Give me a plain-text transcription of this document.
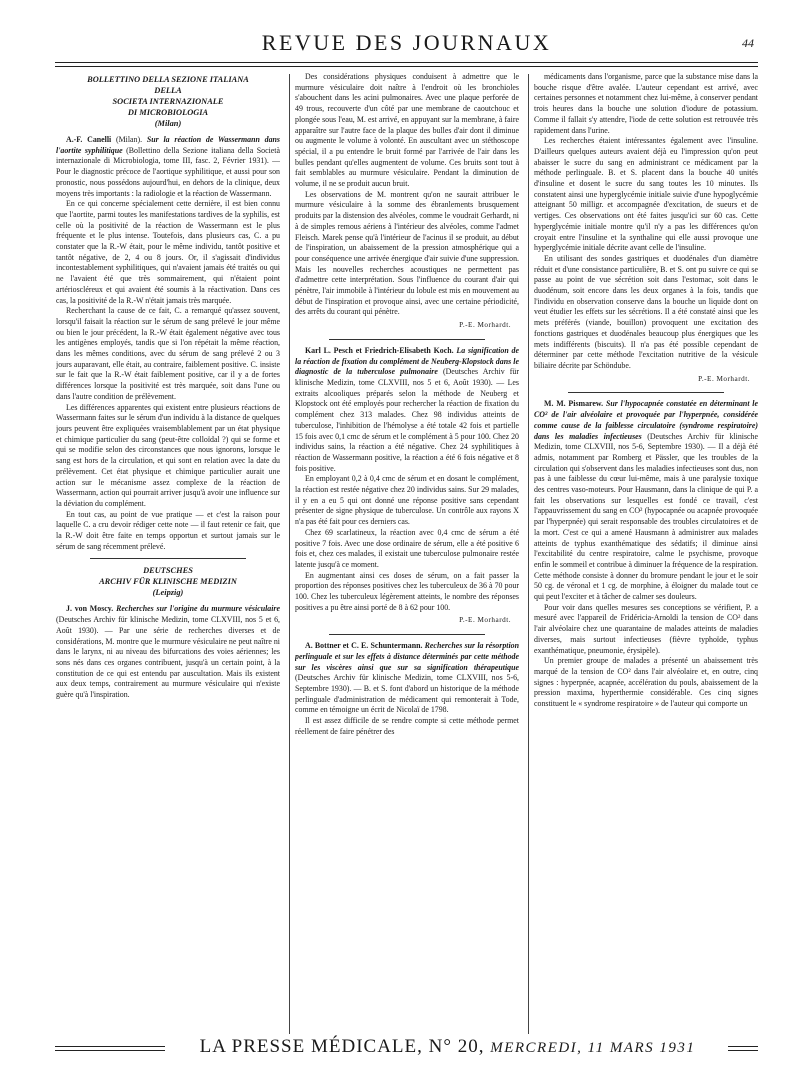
REVUE DES JOURNAUX	44
BOLLETTINO DELLA SEZIONE ITALIANA
DELLA
SOCIETA INTERNAZIONALE
DI MICROBIOLOGIA
(Milan)

A.-F. Canelli (Milan). Sur la réaction de Wassermann dans l'aortite syphilitique (Bollettino della Sezione italiana della Società internazionale di Microbiologia, tome III, fasc. 2, Février 1931). — Pour le diagnostic précoce de l'aortique syphilitique, et aussi pour son pronostic, nous possédons aujourd'hui, en dehors de la clinique, deux moyens très importants : la radiologie et la réaction de Wassermann.

En ce qui concerne spécialement cette dernière, il est bien connu que l'aortite, parmi toutes les manifestations tardives de la syphilis, est celle où la positivité de la réaction de Wassermann est le plus fréquente et le plus intense. Toutefois, dans plusieurs cas, C. a pu constater que la R.-W était, pour le même individu, tantôt positive et tantôt négative, de 2, 4 ou 8 jours. Or, il s'agissait d'individus incontestablement syphilitiques, qui n'avaient jamais été traités ou qui ne l'avaient été que très sommairement, qui n'étaient point artérioscléreux et qui avaient été soumis à la réactivation. Dans ces cas, la positivité de la R.-W n'était jamais très marquée.

Recherchant la cause de ce fait, C. a remarqué qu'assez souvent, lorsqu'il faisait la réaction sur le sérum de sang prélevé le jour même ou bien le jour précédent, la R.-W était également négative avec tous les antigènes employés, tandis que si l'on répétait la même réaction, dans les mêmes conditions, avec du sérum de sang prélevé 2 ou 3 jours auparavant, elle était, au contraire, faiblement positive. C. insiste sur le fait que la R.-W était faiblement positive, car il y a de fortes différences lorsque la positivité est très marquée, soit dans l'une ou dans l'autre condition de prélèvement.

Les différences apparentes qui existent entre plusieurs réactions de Wassermann faites sur le sérum d'un individu à la distance de quelques jours peuvent être expliquées vraisemblablement par un état physique et chimique particulier du sang (peut-être colloïdal ?) qui se forme et qui se modifie selon des circonstances que nous ignorons, lorsque le sang est hors de la circulation, et qui sont en relation avec la date du prélèvement. Cet état physique et chimique particulier aurait une action sur le mécanisme assez complexe de la réaction de Wassermann, action qui pourrait arriver jusqu'à avoir une influence sur la déviation du complément.

En tout cas, au point de vue pratique — et c'est la raison pour laquelle C. a cru devoir rédiger cette note — il faut retenir ce fait, que la R.-W doit être faite en temps opportun et surtout jamais sur le sérum de sang récemment prélevé.

DEUTSCHES
ARCHIV FÜR KLINISCHE MEDIZIN
(Leipzig)

J. von Moscy. Recherches sur l'origine du murmure vésiculaire (Deutsches Archiv für klinische Medizin, tome CLXVIII, nos 5 et 6, Août 1930). — Par une série de recherches diverses et de considérations, M. montre que le murmure vésiculaire ne peut naître ni dans le larynx, ni au niveau des bifurcations des voies aériennes; les sons nés dans ces organes contribuent, jusqu'à un certain point, à la constitution de ce qui est entendu par auscultation. Mais ils existent aux deux temps, contrairement au murmure vésiculaire qui n'existe guère qu'à l'inspiration.

Des considérations physiques conduisent à admettre que le murmure vésiculaire doit naître à l'endroit où les bronchioles s'abouchent dans les acini pulmonaires. Avec une plaque perforée de 49 trous, recouverte d'un côté par une membrane de caoutchouc et plongée sous l'eau, M. est arrivé, en appuyant sur la membrane, à faire apparaître sur l'autre face de la plaque des bulles d'air dont il diminue ou augmente le volume à volonté. En auscultant avec un stéthoscope spécial, il a pu entendre le bruit formé par l'arrivée de l'air dans les bulles pendant qu'elles augmentent de volume. Ces bruits sont tout à fait semblables au murmure vésiculaire. Pendant la diminution de volume, il ne se produit aucun bruit.

Les observations de M. montrent qu'on ne saurait attribuer le murmure vésiculaire à la somme des ébranlements brusquement produits par la distension des alvéoles, comme le voudrait Gerhardt, ni à de simples remous aériens à l'intérieur des alvéoles, comme l'admet Fleisch. Marek pense qu'à l'intérieur de l'acinus il se produit, au début de l'inspiration, un abaissement de la pression atmosphérique qui a pour conséquence une arrivée énergique d'air suivie d'une suppression. Mais les nouvelles recherches acoustiques ne permettent pas d'admettre cette interprétation. Sous l'influence du courant d'air qui pénètre, l'air immobile à l'intérieur du lobule est mis en mouvement au début de l'inspiration et provoque ainsi, avec une certaine périodicité, des arrêts du courant qui pénètre.

P.-E. Morhardt.

Karl L. Pesch et Friedrich-Elisabeth Koch. La signification de la réaction de fixation du complément de Neuberg-Klopstock dans le diagnostic de la tuberculose pulmonaire (Deutsches Archiv für klinische Medizin, tome CLXVIII, nos 5 et 6, Août 1930). — Les extraits alcooliques préparés selon la méthode de Neuberg et Klopstock ont été employés pour rechercher la réaction de fixation du complément chez 313 malades. Chez 98 individus atteints de tuberculose, l'inhibition de l'hémolyse a été totale 42 fois et partielle 15 fois avec 0,1 cmc de sérum et le complément à 5 pour 100. Chez 20 individus sains, la réaction a été négative. Chez 24 syphilitiques à réaction de Wassermann positive, la réaction a été 6 fois négative et 8 fois positive.

En employant 0,2 à 0,4 cmc de sérum et en dosant le complément, la réaction est restée négative chez 20 individus sains. Sur 29 malades, il y en a eu 5 qui ont donné une réponse positive sans cependant présenter de signe physique de tuberculose. Un contrôle aux rayons X n'a pas été fait pour ces derniers cas.

Chez 69 scarlatineux, la réaction avec 0,4 cmc de sérum a été positive 7 fois. Avec une dose ordinaire de sérum, elle a été positive 6 fois et, chez ces malades, il existait une tuberculose pulmonaire restée latente jusqu'à ce moment.

En augmentant ainsi ces doses de sérum, on a fait passer la proportion des réponses positives chez les tuberculeux de 36 à 70 pour 100. Chez les tuberculeux légèrement atteints, le nombre des réponses positives a pu être ainsi porté de 8 à 62 pour 100.

P.-E. Morhardt.

A. Bottner et C. E. Schuntermann. Recherches sur la résorption perlinguale et sur les effets à distance déterminés par cette méthode sur les viscères ainsi que sur sa signification thérapeutique (Deutsches Archiv für klinische Medizin, tome CLXVIII, nos 5-6, Septembre 1930). — B. et S. font d'abord un historique de la méthode perlinguale d'administration de médicament qui remonterait à Tode, comme en témoigne un écrit de Nicolaï de 1798.

Il est assez difficile de se rendre compte si cette méthode permet réellement de faire pénétrer des

médicaments dans l'organisme, parce que la substance mise dans la bouche risque d'être avalée. L'auteur cependant est arrivé, avec certaines personnes et notamment chez lui-même, à conserver pendant trois heures dans la bouche une solution d'iodure de potassium. Comme il fallait s'y attendre, l'iode de cette solution est retrouvée très rapidement dans l'urine.

Les recherches étaient intéressantes également avec l'insuline. D'ailleurs quelques auteurs avaient déjà eu l'impression qu'on peut abaisser le sucre du sang en administrant ce médicament par la méthode perlinguale. B. et S. placent dans la bouche 40 unités d'insuline et dosent le sucre du sang toutes les 10 minutes. Ils constatent ainsi une hyperglycémie initiale suivie d'une hypoglycémie atteignant 50 milligr. et accompagnée d'excitation, de sueurs et de vertiges. Ces observations ont été faites jusqu'ici sur 60 cas. Cette hyperglycémie initiale montre qu'il n'y a pas les différences qu'on croyait entre l'insuline et la synthaline qui elle aussi provoque une hyperglycémie initiale décrite avant celle de l'insuline.

En utilisant des sondes gastriques et duodénales d'un diamètre réduit et d'une consistance particulière, B. et S. ont pu suivre ce qui se passe au point de vue sécrétion soit dans l'estomac, soit dans le duodénum, soit encore dans les deux organes à la fois, tandis que l'individu en observation conserve dans la bouche un liquide dont on veut étudier les effets sur les sécrétions. Il a été constaté ainsi que les mets préférés (viande, bouillon) provoquent une excitation des fonctions gastriques et duodénales beaucoup plus énergiques que les mets indifférents (biscuits). Il n'a pas été possible cependant de déterminer par cette méthode l'excitation nutritive de la vésicule biliaire décrite par Schöndube.

P.-E. Morhardt.

M. M. Pismarew. Sur l'hypocapnée constatée en déterminant le CO² de l'air alvéolaire et provoquée par l'hyperpnée, considérée comme cause de la faiblesse circulatoire (syndrome respiratoire) dans les maladies infectieuses (Deutsches Archiv für klinische Medizin, tome CLXVIII, nos 5-6, Septembre 1930). — Il a déjà été admis, notamment par Romberg et Pässler, que les troubles de la circulation qui s'observent dans les maladies infectieuses sont dus, non pas à une faiblesse du cœur lui-même, mais à une paralysie toxique des centres vaso-moteurs. Pour Hausmann, dans la clinique de qui P. a fait les observations sur lesquelles est fondé ce travail, c'est l'appauvrissement du sang en CO² (hypocapnée ou acapnée provoquée par l'hyperpnée) qui serait responsable des troubles circulatoires et de la mort. C'est ce qui a amené Hausmann à administrer aux malades atteints de typhus exanthématique des sédatifs; il diminue ainsi l'excitabilité du centre respiratoire, calme le psychisme, provoque enfin le sommeil et contribue à diminuer la fréquence de la respiration. Cette méthode consiste à donner du bromure pendant le jour et le soir 50 cg. de véronal et 1 cg. de morphine, à éloigner du malade tout ce qui peut l'exciter et à tâcher de calmer ses douleurs.

Pour voir dans quelles mesures ses conceptions se vérifient, P. a mesuré avec l'appareil de Fridéricia-Arnoldi la tension de CO² dans l'air alvéolaire chez une quarantaine de malades atteints de maladies diverses, mais surtout infectieuses (fièvre typhoïde, typhus exanthématique, pneumonie, érysipèle).

Un premier groupe de malades a présenté un abaissement très marqué de la tension de CO² dans l'air alvéolaire et, en outre, cinq signes : hyperpnée, acapnée, accélération du pouls, abaissement de la pression maxima, hyperthermie considérable. Ces cinq signes constituent le « syndrome respiratoire » de l'auteur qui comporte un

LA PRESSE MÉDICALE, N° 20, MERCREDI, 11 MARS 1931
